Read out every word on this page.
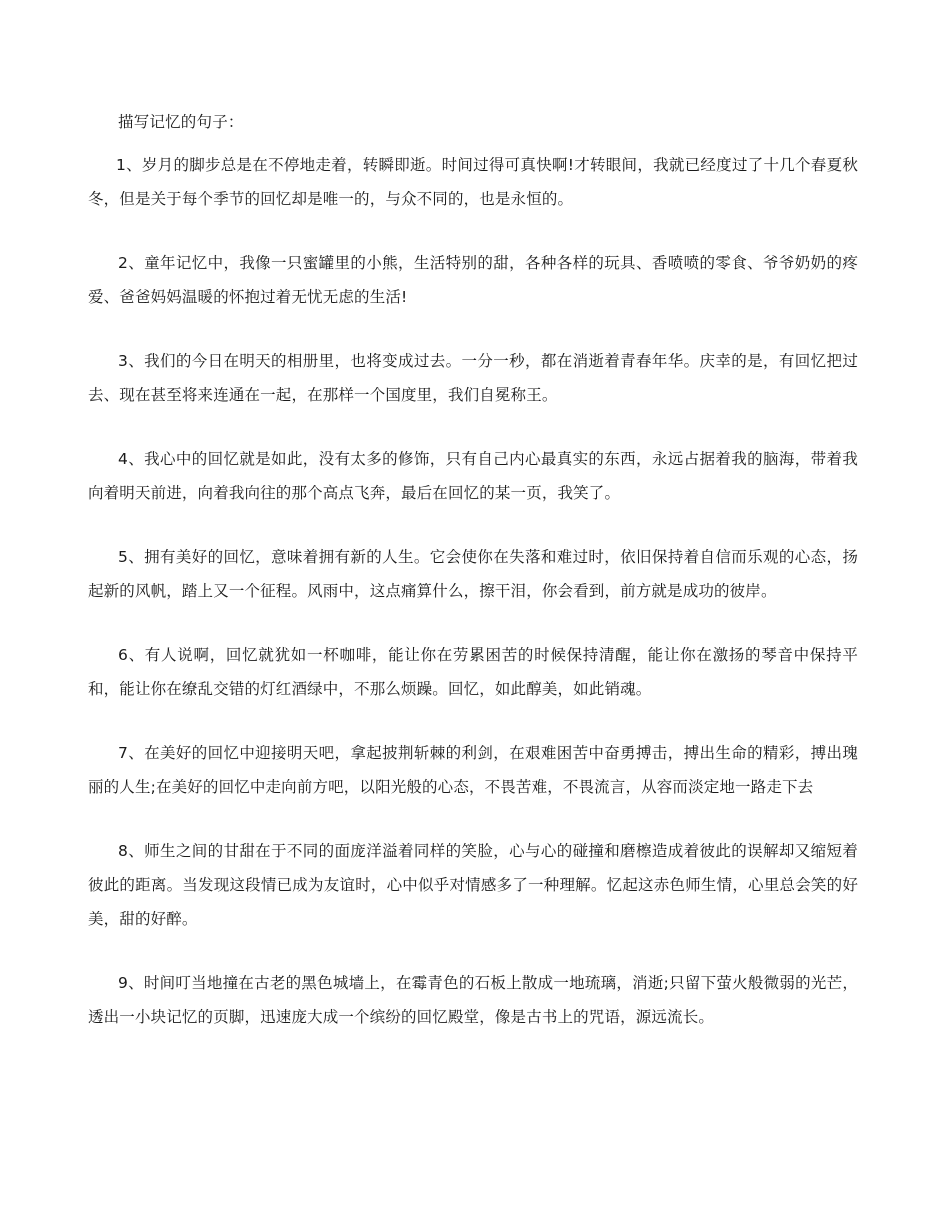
描写记忆的句子：

1、岁月的脚步总是在不停地走着，转瞬即逝。时间过得可真快啊!才转眼间，我就已经度过了十几个春夏秋冬，但是关于每个季节的回忆却是唯一的，与众不同的，也是永恒的。

2、童年记忆中，我像一只蜜罐里的小熊，生活特别的甜，各种各样的玩具、香喷喷的零食、爷爷奶奶的疼爱、爸爸妈妈温暖的怀抱过着无忧无虑的生活!

3、我们的今日在明天的相册里，也将变成过去。一分一秒，都在消逝着青春年华。庆幸的是，有回忆把过去、现在甚至将来连通在一起，在那样一个国度里，我们自冕称王。

4、我心中的回忆就是如此，没有太多的修饰，只有自己内心最真实的东西，永远占据着我的脑海，带着我向着明天前进，向着我向往的那个高点飞奔，最后在回忆的某一页，我笑了。

5、拥有美好的回忆，意味着拥有新的人生。它会使你在失落和难过时，依旧保持着自信而乐观的心态，扬起新的风帆，踏上又一个征程。风雨中，这点痛算什么，擦干泪，你会看到，前方就是成功的彼岸。

6、有人说啊，回忆就犹如一杯咖啡，能让你在劳累困苦的时候保持清醒，能让你在激扬的琴音中保持平和，能让你在缭乱交错的灯红酒绿中，不那么烦躁。回忆，如此醇美，如此销魂。

7、在美好的回忆中迎接明天吧，拿起披荆斩棘的利剑，在艰难困苦中奋勇搏击，搏出生命的精彩，搏出瑰丽的人生;在美好的回忆中走向前方吧，以阳光般的心态，不畏苦难，不畏流言，从容而淡定地一路走下去

8、师生之间的甘甜在于不同的面庞洋溢着同样的笑脸，心与心的碰撞和磨檫造成着彼此的误解却又缩短着彼此的距离。当发现这段情已成为友谊时，心中似乎对情感多了一种理解。忆起这赤色师生情，心里总会笑的好美，甜的好醉。

9、时间叮当地撞在古老的黑色城墙上，在霉青色的石板上散成一地琉璃，消逝;只留下萤火般微弱的光芒，透出一小块记忆的页脚，迅速庞大成一个缤纷的回忆殿堂，像是古书上的咒语，源远流长。
